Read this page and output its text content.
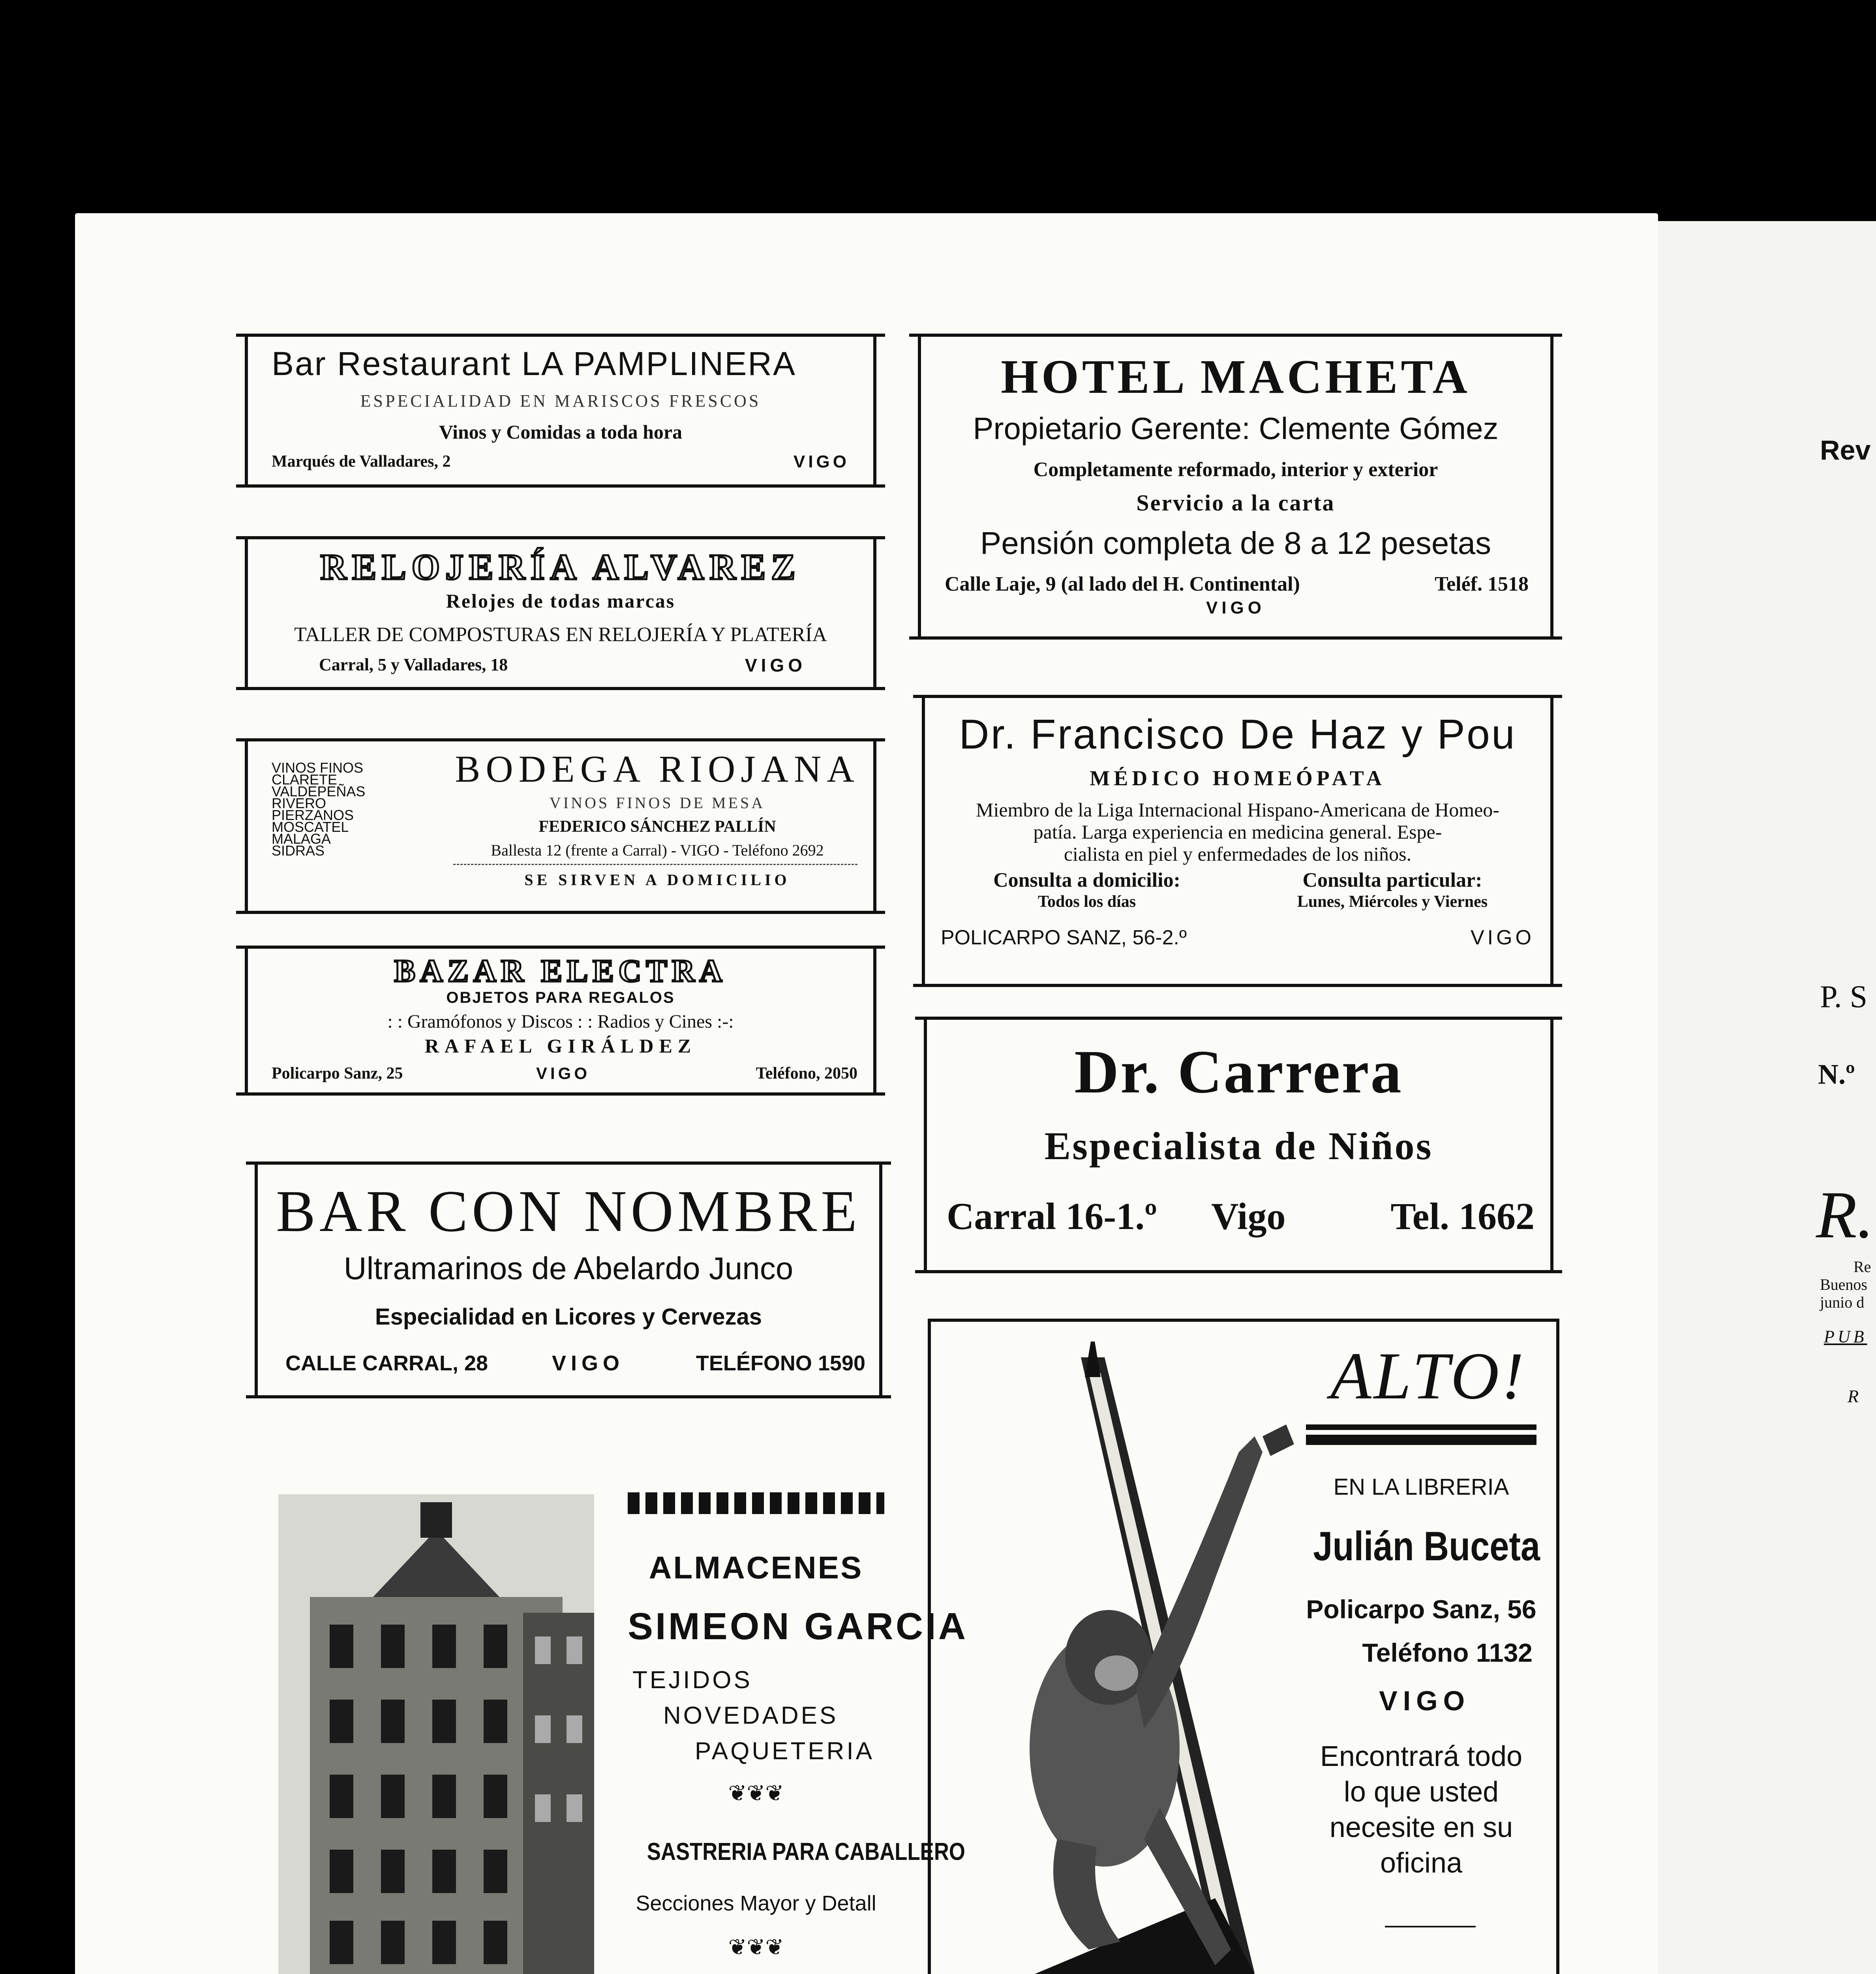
Rev
P. S
N.º
R.
Re
Buenos
junio d
PUB
R
Bar Restaurant LA PAMPLINERA
ESPECIALIDAD EN MARISCOS FRESCOS
Vinos y Comidas a toda hora
Marqués de Valladares, 2	VIGO
RELOJERÍA ALVAREZ
Relojes de todas marcas
TALLER DE COMPOSTURAS EN RELOJERÍA Y PLATERÍA
Carral, 5 y Valladares, 18	VIGO
VINOS FINOS
CLARETE
VALDEPEÑAS
RIVERO
PIERZANOS
MOSCATEL
MALAGA
SIDRAS
BODEGA RIOJANA
VINOS FINOS DE MESA
FEDERICO SÁNCHEZ PALLÍN
Ballesta 12 (frente a Carral) - VIGO - Teléfono 2692
SE SIRVEN A DOMICILIO
BAZAR ELECTRA
OBJETOS PARA REGALOS
: : Gramófonos y Discos : : Radios y Cines :-:
RAFAEL GIRÁLDEZ
Policarpo Sanz, 25	VIGO	Teléfono, 2050
BAR CON NOMBRE
Ultramarinos de Abelardo Junco
Especialidad en Licores y Cervezas
CALLE CARRAL, 28	VIGO	TELÉFONO 1590
ALMACENES
SIMEON GARCIA
TEJIDOS
NOVEDADES
PAQUETERIA
❦❦❦
SASTRERIA PARA CABALLERO
Secciones Mayor y Detall
❦❦❦
HOTEL MACHETA
Propietario Gerente: Clemente Gómez
Completamente reformado, interior y exterior
Servicio a la carta
Pensión completa de 8 a 12 pesetas
Calle Laje, 9 (al lado del H. Continental)	Teléf. 1518
VIGO
Dr. Francisco De Haz y Pou
MÉDICO HOMEÓPATA
Miembro de la Liga Internacional Hispano-Americana de Homeo-
patía. Larga experiencia en medicina general. Espe-
cialista en piel y enfermedades de los niños.
Consulta a domicilio:
Todos los días
Consulta particular:
Lunes, Miércoles y Viernes
POLICARPO SANZ, 56-2.º	VIGO
Dr. Carrera
Especialista de Niños
Carral 16-1.º Vigo	Tel. 1662
ALTO!
EN LA LIBRERIA
Julián Buceta
Policarpo Sanz, 56
Teléfono 1132
VIGO
Encontrará todo
lo que usted
necesite en su
oficina
